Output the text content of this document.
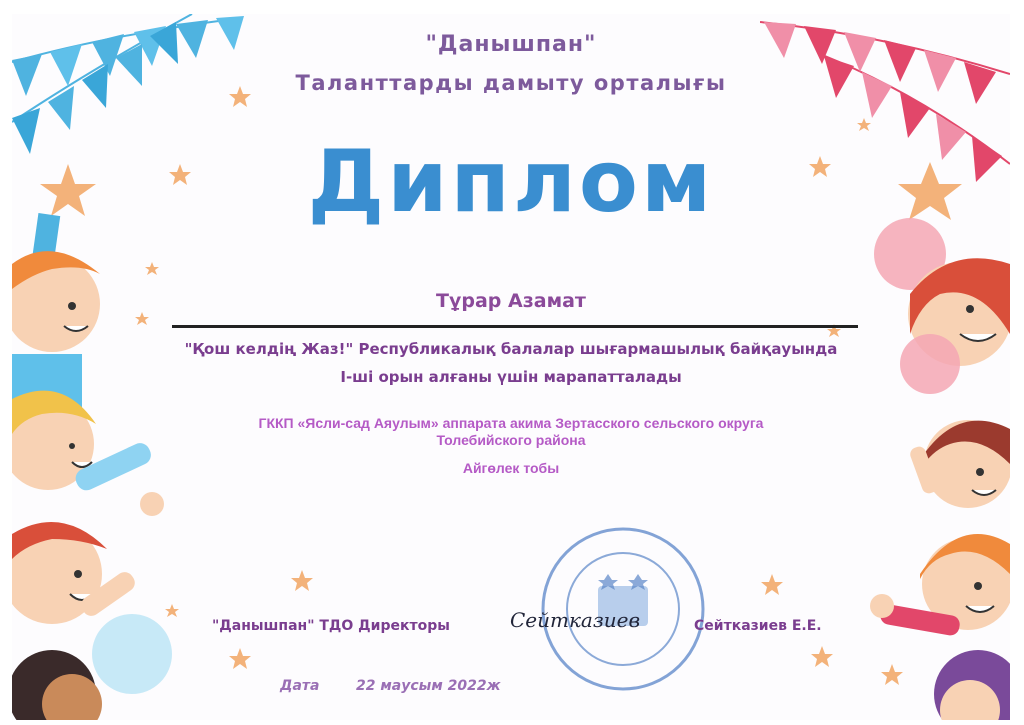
"Данышпан"
Таланттарды дамыту орталығы
Диплом
Тұрар Азамат
"Қош келдің Жаз!" Республикалық балалар шығармашылық байқауында
І-ші орын алғаны үшін марапатталады
ГККП «Ясли-сад Аяулым» аппарата акима Зертасского сельского округа Толебийского района
Айгөлек тобы
"Данышпан" ТДО Директоры	Сейтказиев	Сейтказиев Е.Е.
Дата	22 маусым 2022ж
